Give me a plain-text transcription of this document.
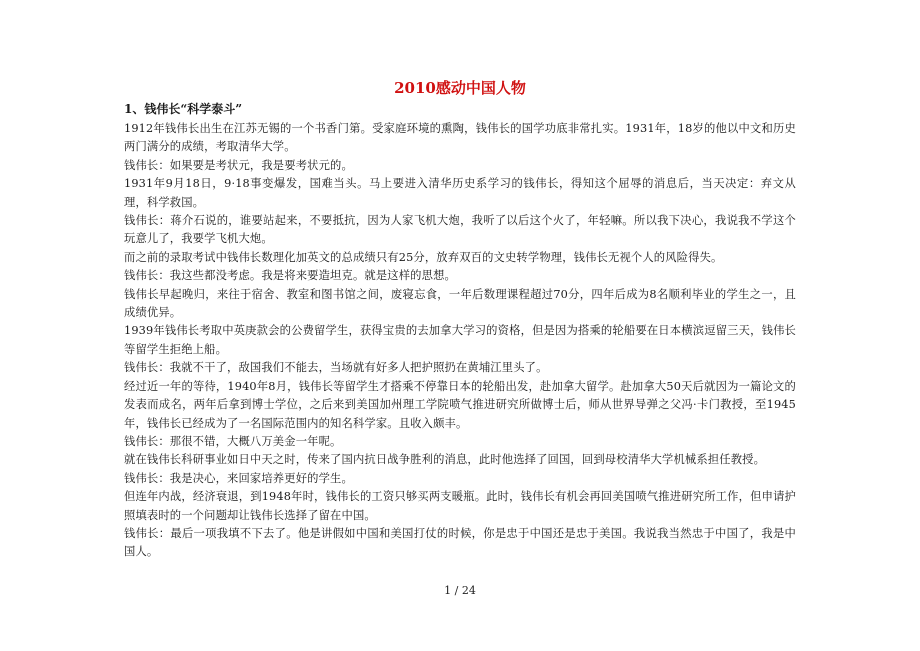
2010感动中国人物
1、钱伟长“科学泰斗”

1912年钱伟长出生在江苏无锡的一个书香门第。受家庭环境的熏陶，钱伟长的国学功底非常扎实。1931年，18岁的他以中文和历史两门满分的成绩，考取清华大学。

钱伟长：如果要是考状元，我是要考状元的。

1931年9月18日，9·18事变爆发，国难当头。马上要进入清华历史系学习的钱伟长，得知这个屈辱的消息后，当天决定：弃文从理，科学救国。

钱伟长：蒋介石说的，谁要站起来，不要抵抗，因为人家飞机大炮，我听了以后这个火了，年轻嘛。所以我下决心，我说我不学这个玩意儿了，我要学飞机大炮。

而之前的录取考试中钱伟长数理化加英文的总成绩只有25分，放弃双百的文史转学物理，钱伟长无视个人的风险得失。

钱伟长：我这些都没考虑。我是将来要造坦克。就是这样的思想。

钱伟长早起晚归，来往于宿舍、教室和图书馆之间，废寝忘食，一年后数理课程超过70分，四年后成为8名顺利毕业的学生之一，且成绩优异。

1939年钱伟长考取中英庚款会的公费留学生，获得宝贵的去加拿大学习的资格，但是因为搭乘的轮船要在日本横滨逗留三天，钱伟长等留学生拒绝上船。

钱伟长：我就不干了，敌国我们不能去，当场就有好多人把护照扔在黄埔江里头了。

经过近一年的等待，1940年8月，钱伟长等留学生才搭乘不停靠日本的轮船出发，赴加拿大留学。赴加拿大50天后就因为一篇论文的发表而成名，两年后拿到博士学位，之后来到美国加州理工学院喷气推进研究所做博士后，师从世界导弹之父冯·卡门教授，至1945年，钱伟长已经成为了一名国际范围内的知名科学家。且收入颇丰。

钱伟长：那很不错，大概八万美金一年呢。

就在钱伟长科研事业如日中天之时，传来了国内抗日战争胜利的消息，此时他选择了回国，回到母校清华大学机械系担任教授。

钱伟长：我是决心，来回家培养更好的学生。

但连年内战，经济衰退，到1948年时，钱伟长的工资只够买两支暖瓶。此时，钱伟长有机会再回美国喷气推进研究所工作，但申请护照填表时的一个问题却让钱伟长选择了留在中国。

钱伟长：最后一项我填不下去了。他是讲假如中国和美国打仗的时候，你是忠于中国还是忠于美国。我说我当然忠于中国了，我是中国人。

1 / 24
